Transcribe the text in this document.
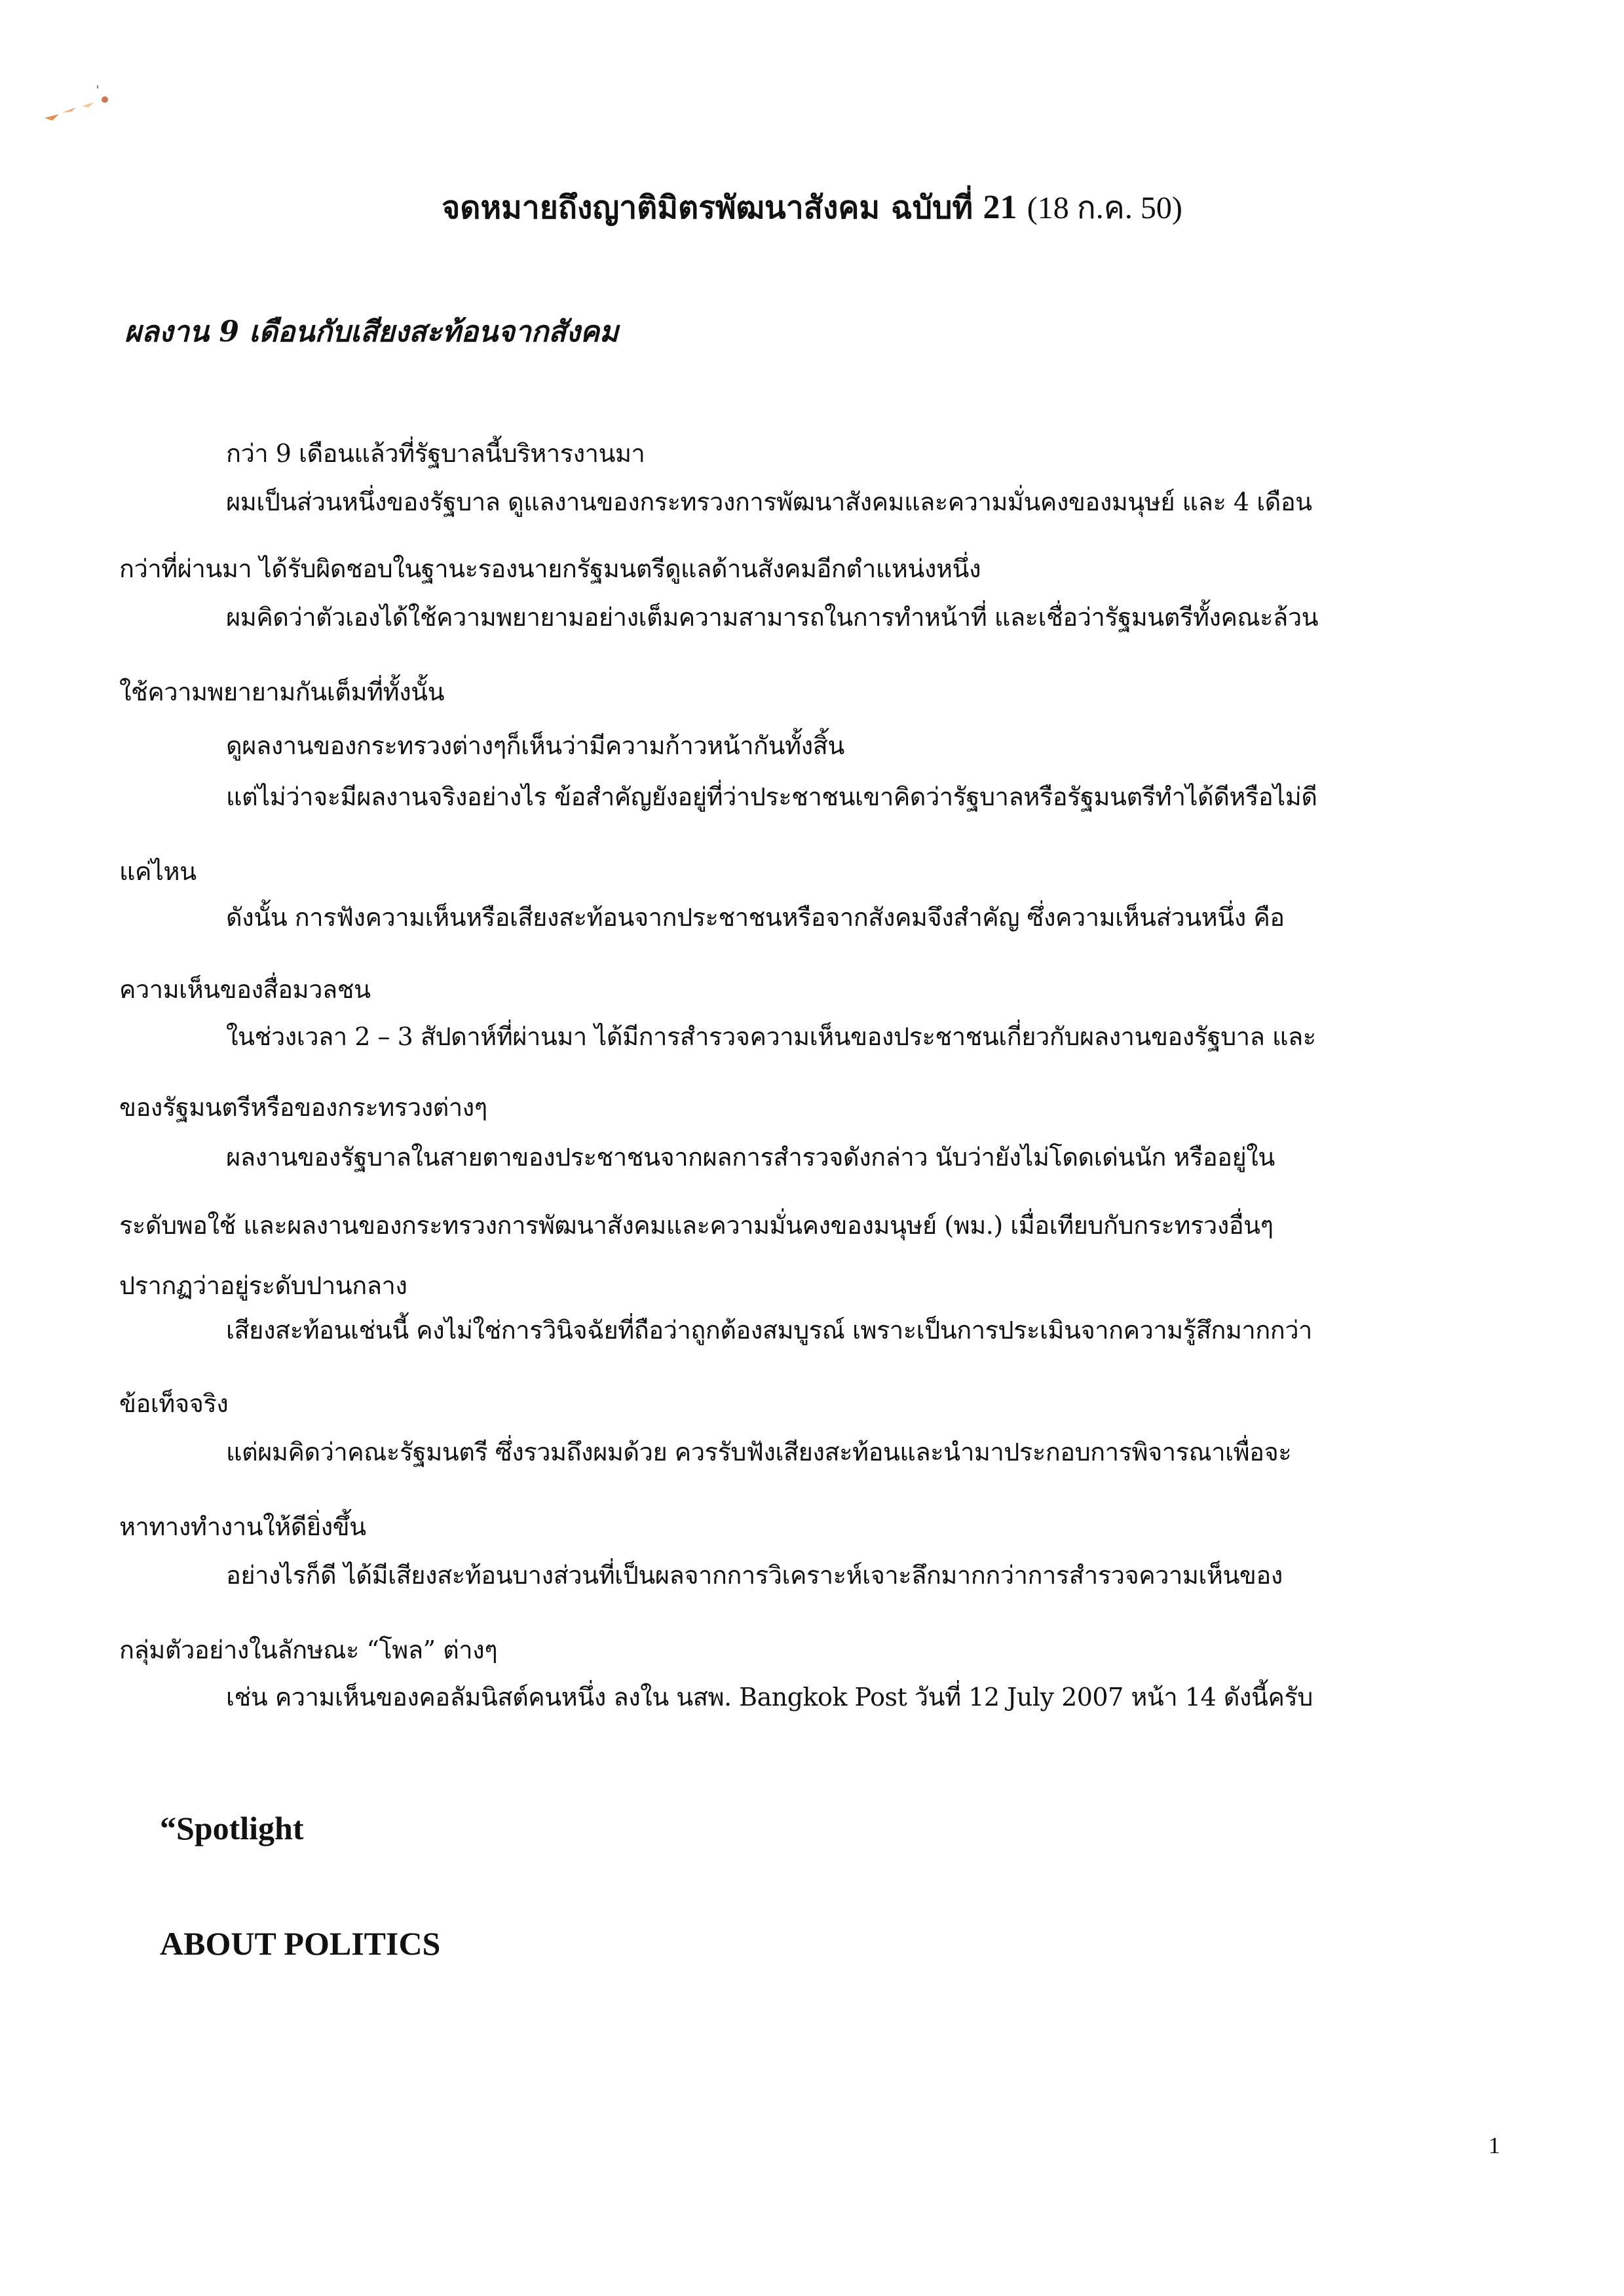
จดหมายถึงญาติมิตรพัฒนาสังคม ฉบับที่ 21 (18 ก.ค. 50)
ผลงาน 9 เดือนกับเสียงสะท้อนจากสังคม
กว่า 9 เดือนแล้วที่รัฐบาลนี้บริหารงานมา
ผมเป็นส่วนหนึ่งของรัฐบาล ดูแลงานของกระทรวงการพัฒนาสังคมและความมั่นคงของมนุษย์ และ 4 เดือน
กว่าที่ผ่านมา ได้รับผิดชอบในฐานะรองนายกรัฐมนตรีดูแลด้านสังคมอีกตำแหน่งหนึ่ง
ผมคิดว่าตัวเองได้ใช้ความพยายามอย่างเต็มความสามารถในการทำหน้าที่ และเชื่อว่ารัฐมนตรีทั้งคณะล้วน
ใช้ความพยายามกันเต็มที่ทั้งนั้น
ดูผลงานของกระทรวงต่างๆก็เห็นว่ามีความก้าวหน้ากันทั้งสิ้น
แต่ไม่ว่าจะมีผลงานจริงอย่างไร ข้อสำคัญยังอยู่ที่ว่าประชาชนเขาคิดว่ารัฐบาลหรือรัฐมนตรีทำได้ดีหรือไม่ดี
แค่ไหน
ดังนั้น การฟังความเห็นหรือเสียงสะท้อนจากประชาชนหรือจากสังคมจึงสำคัญ ซึ่งความเห็นส่วนหนึ่ง คือ
ความเห็นของสื่อมวลชน
ในช่วงเวลา 2 – 3 สัปดาห์ที่ผ่านมา ได้มีการสำรวจความเห็นของประชาชนเกี่ยวกับผลงานของรัฐบาล และ
ของรัฐมนตรีหรือของกระทรวงต่างๆ
ผลงานของรัฐบาลในสายตาของประชาชนจากผลการสำรวจดังกล่าว นับว่ายังไม่โดดเด่นนัก หรืออยู่ใน
ระดับพอใช้ และผลงานของกระทรวงการพัฒนาสังคมและความมั่นคงของมนุษย์ (พม.) เมื่อเทียบกับกระทรวงอื่นๆ
ปรากฏว่าอยู่ระดับปานกลาง
เสียงสะท้อนเช่นนี้ คงไม่ใช่การวินิจฉัยที่ถือว่าถูกต้องสมบูรณ์ เพราะเป็นการประเมินจากความรู้สึกมากกว่า
ข้อเท็จจริง
แต่ผมคิดว่าคณะรัฐมนตรี ซึ่งรวมถึงผมด้วย ควรรับฟังเสียงสะท้อนและนำมาประกอบการพิจารณาเพื่อจะ
หาทางทำงานให้ดียิ่งขึ้น
อย่างไรก็ดี ได้มีเสียงสะท้อนบางส่วนที่เป็นผลจากการวิเคราะห์เจาะลึกมากกว่าการสำรวจความเห็นของ
กลุ่มตัวอย่างในลักษณะ “โพล” ต่างๆ
เช่น ความเห็นของคอลัมนิสต์คนหนึ่ง ลงใน นสพ. Bangkok Post วันที่ 12 July 2007 หน้า 14 ดังนี้ครับ
“Spotlight
ABOUT POLITICS
1
